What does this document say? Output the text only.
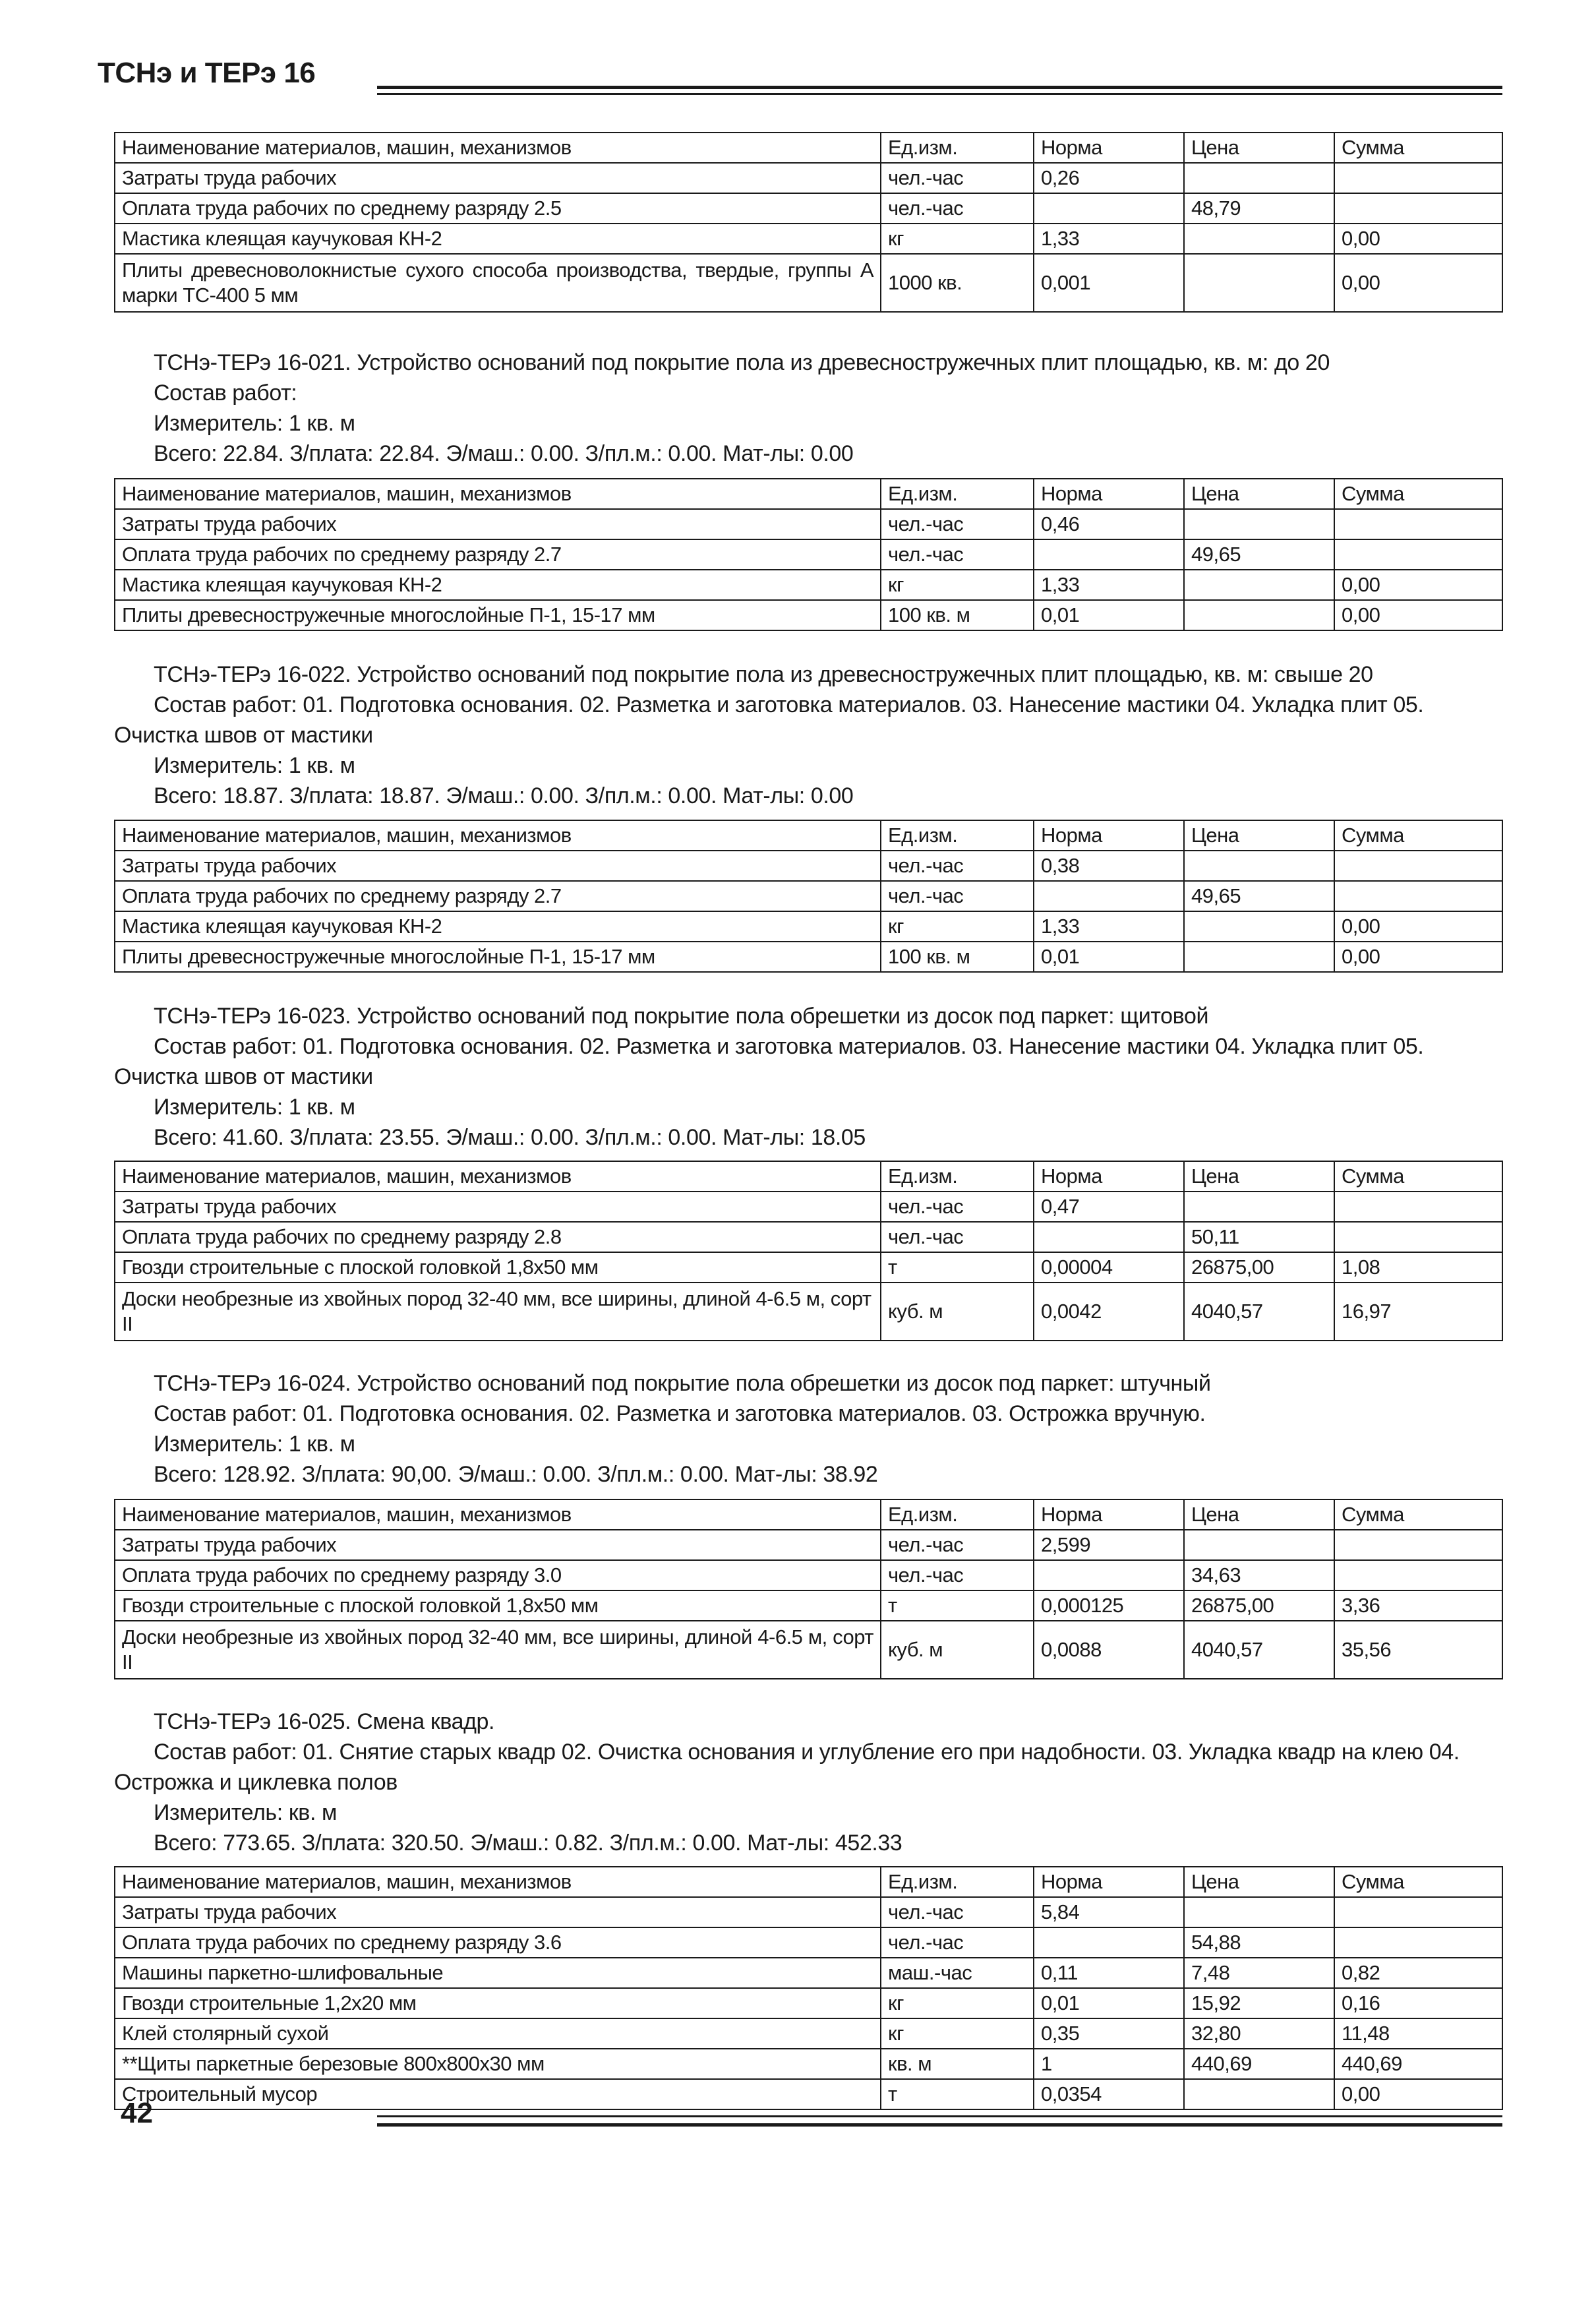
ТСНэ и ТЕРэ 16
Наименование материалов, машин, механизмов	Ед.изм.	Норма	Цена	Сумма
Затраты труда рабочих	чел.-час	0,26		
Оплата труда рабочих по среднему разряду 2.5	чел.-час		48,79	
Мастика клеящая каучуковая КН-2	кг	1,33		0,00
Плиты древесноволокнистые сухого способа производства, твердые, группы А марки ТС-400 5 мм	1000 кв.	0,001		0,00

ТСНэ-ТЕРэ 16-021. Устройство оснований под покрытие пола из древесностружечных плит площадью, кв. м: до 20

Состав работ:

Измеритель: 1 кв. м

Всего: 22.84. З/плата: 22.84. Э/маш.: 0.00. З/пл.м.: 0.00. Мат-лы: 0.00

Наименование материалов, машин, механизмов	Ед.изм.	Норма	Цена	Сумма
Затраты труда рабочих	чел.-час	0,46		
Оплата труда рабочих по среднему разряду 2.7	чел.-час		49,65	
Мастика клеящая каучуковая КН-2	кг	1,33		0,00
Плиты древесностружечные многослойные П-1, 15-17 мм	100 кв. м	0,01		0,00

ТСНэ-ТЕРэ 16-022. Устройство оснований под покрытие пола из древесностружечных плит площадью, кв. м: свыше 20

Состав работ: 01. Подготовка основания. 02. Разметка и заготовка материалов. 03. Нанесение мастики 04. Укладка плит 05. Очистка швов от мастики

Измеритель: 1 кв. м

Всего: 18.87. З/плата: 18.87. Э/маш.: 0.00. З/пл.м.: 0.00. Мат-лы: 0.00

Наименование материалов, машин, механизмов	Ед.изм.	Норма	Цена	Сумма
Затраты труда рабочих	чел.-час	0,38		
Оплата труда рабочих по среднему разряду 2.7	чел.-час		49,65	
Мастика клеящая каучуковая КН-2	кг	1,33		0,00
Плиты древесностружечные многослойные П-1, 15-17 мм	100 кв. м	0,01		0,00

ТСНэ-ТЕРэ 16-023. Устройство оснований под покрытие пола обрешетки из досок под паркет: щитовой

Состав работ: 01. Подготовка основания. 02. Разметка и заготовка материалов. 03. Нанесение мастики 04. Укладка плит 05. Очистка швов от мастики

Измеритель: 1 кв. м

Всего: 41.60. З/плата: 23.55. Э/маш.: 0.00. З/пл.м.: 0.00. Мат-лы: 18.05

Наименование материалов, машин, механизмов	Ед.изм.	Норма	Цена	Сумма
Затраты труда рабочих	чел.-час	0,47		
Оплата труда рабочих по среднему разряду 2.8	чел.-час		50,11	
Гвозди строительные с плоской головкой 1,8х50 мм	т	0,00004	26875,00	1,08
Доски необрезные из хвойных пород 32-40 мм, все ширины, длиной 4-6.5 м, сорт II	куб. м	0,0042	4040,57	16,97

ТСНэ-ТЕРэ 16-024. Устройство оснований под покрытие пола обрешетки из досок под паркет: штучный

Состав работ: 01. Подготовка основания. 02. Разметка и заготовка материалов. 03. Острожка вручную.

Измеритель: 1 кв. м

Всего: 128.92. З/плата: 90,00. Э/маш.: 0.00. З/пл.м.: 0.00. Мат-лы: 38.92

Наименование материалов, машин, механизмов	Ед.изм.	Норма	Цена	Сумма
Затраты труда рабочих	чел.-час	2,599		
Оплата труда рабочих по среднему разряду 3.0	чел.-час		34,63	
Гвозди строительные с плоской головкой 1,8х50 мм	т	0,000125	26875,00	3,36
Доски необрезные из хвойных пород 32-40 мм, все ширины, длиной 4-6.5 м, сорт II	куб. м	0,0088	4040,57	35,56

ТСНэ-ТЕРэ 16-025. Смена квадр.

Состав работ: 01. Снятие старых квадр 02. Очистка основания и углубление его при надобности. 03. Укладка квадр на клею 04. Острожка и циклевка полов

Измеритель: кв. м

Всего: 773.65. З/плата: 320.50. Э/маш.: 0.82. З/пл.м.: 0.00. Мат-лы: 452.33

Наименование материалов, машин, механизмов	Ед.изм.	Норма	Цена	Сумма
Затраты труда рабочих	чел.-час	5,84		
Оплата труда рабочих по среднему разряду 3.6	чел.-час		54,88	
Машины паркетно-шлифовальные	маш.-час	0,11	7,48	0,82
Гвозди строительные 1,2х20 мм	кг	0,01	15,92	0,16
Клей столярный сухой	кг	0,35	32,80	11,48
**Щиты паркетные березовые 800х800х30 мм	кв. м	1	440,69	440,69
Строительный мусор	т	0,0354		0,00
42
